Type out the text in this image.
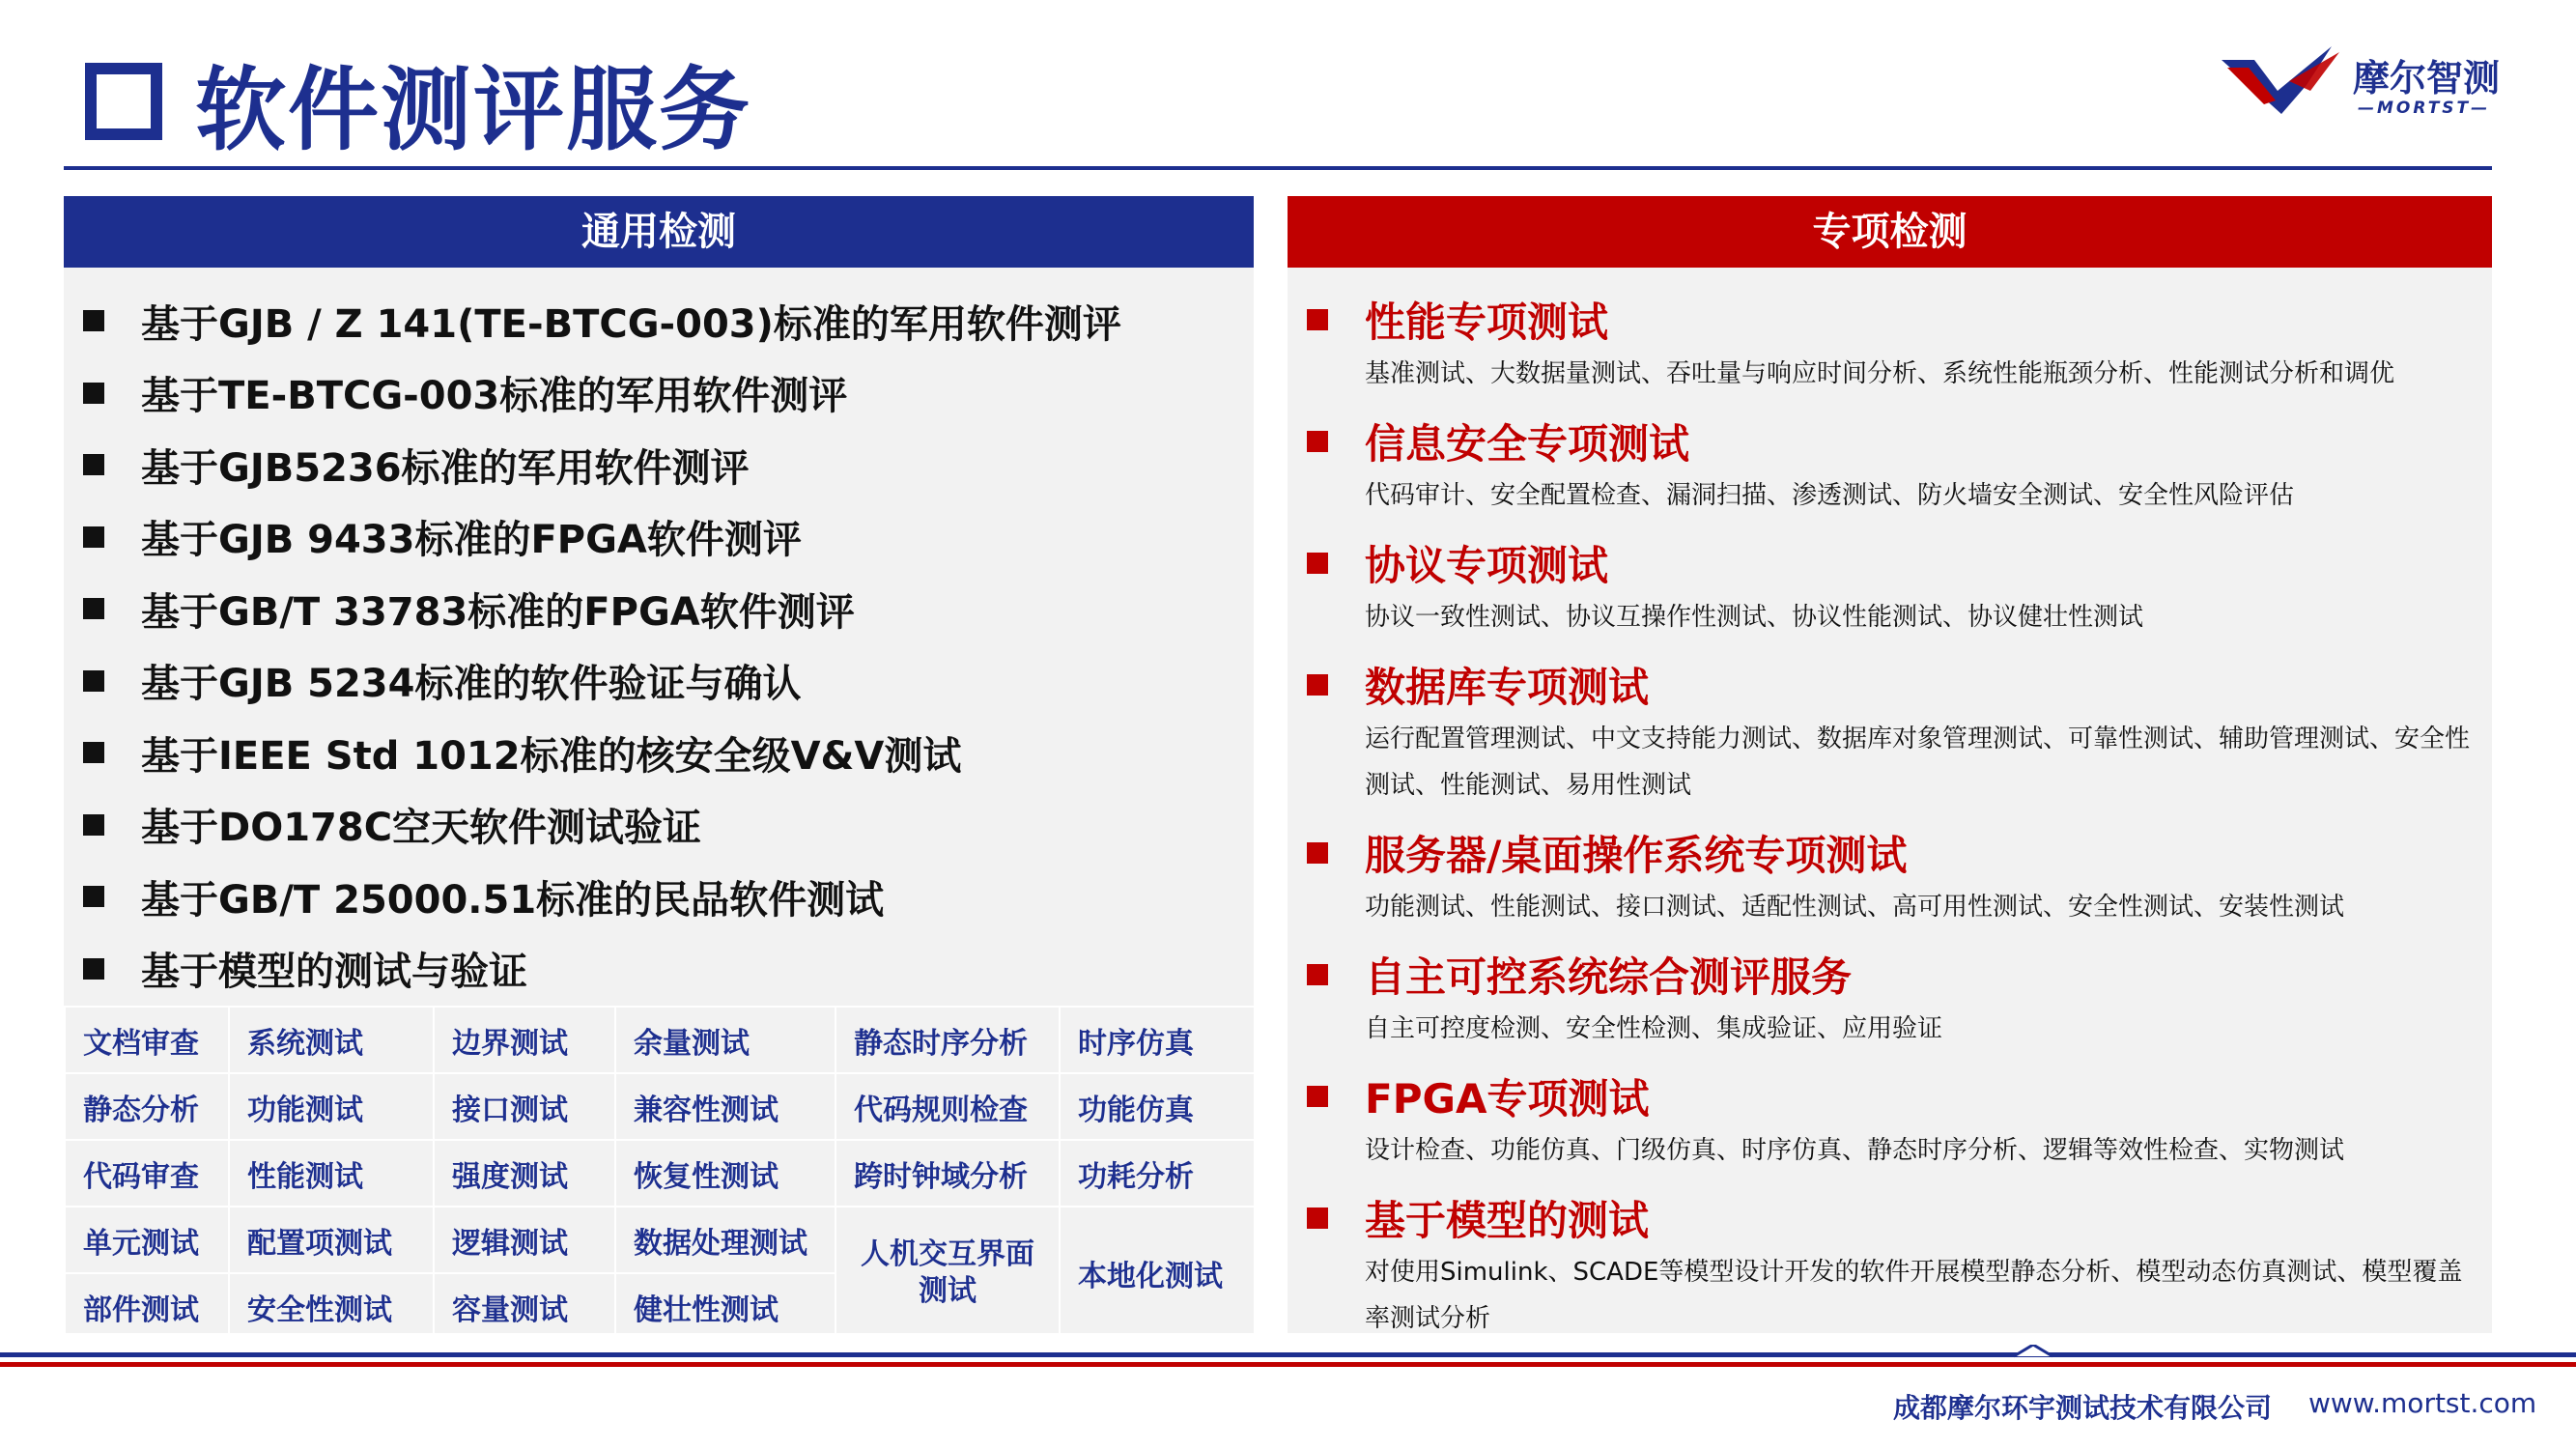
软件测评服务	摩尔智测
—MORTST—
通用检测
基于GJB / Z 141(TE-BTCG-003)标准的军用软件测评
基于TE-BTCG-003标准的军用软件测评
基于GJB5236标准的军用软件测评
基于GJB 9433标准的FPGA软件测评
基于GB/T 33783标准的FPGA软件测评
基于GJB 5234标准的软件验证与确认
基于IEEE Std 1012标准的核安全级V&V测试
基于DO178C空天软件测试验证
基于GB/T 25000.51标准的民品软件测试
基于模型的测试与验证
文档审查	系统测试	边界测试	余量测试	静态时序分析	时序仿真
静态分析	功能测试	接口测试	兼容性测试	代码规则检查	功能仿真
代码审查	性能测试	强度测试	恢复性测试	跨时钟域分析	功耗分析
单元测试	配置项测试	逻辑测试	数据处理测试	人机交互界面测试	本地化测试
部件测试	安全性测试	容量测试	健壮性测试		
专项检测
性能专项测试
基准测试、大数据量测试、吞吐量与响应时间分析、系统性能瓶颈分析、性能测试分析和调优
信息安全专项测试
代码审计、安全配置检查、漏洞扫描、渗透测试、防火墙安全测试、安全性风险评估
协议专项测试
协议一致性测试、协议互操作性测试、协议性能测试、协议健壮性测试
数据库专项测试
运行配置管理测试、中文支持能力测试、数据库对象管理测试、可靠性测试、辅助管理测试、安全性测试、性能测试、易用性测试
服务器/桌面操作系统专项测试
功能测试、性能测试、接口测试、适配性测试、高可用性测试、安全性测试、安装性测试
自主可控系统综合测评服务
自主可控度检测、安全性检测、集成验证、应用验证
FPGA专项测试
设计检查、功能仿真、门级仿真、时序仿真、静态时序分析、逻辑等效性检查、实物测试
基于模型的测试
对使用Simulink、SCADE等模型设计开发的软件开展模型静态分析、模型动态仿真测试、模型覆盖率测试分析
成都摩尔环宇测试技术有限公司 www.mortst.com
